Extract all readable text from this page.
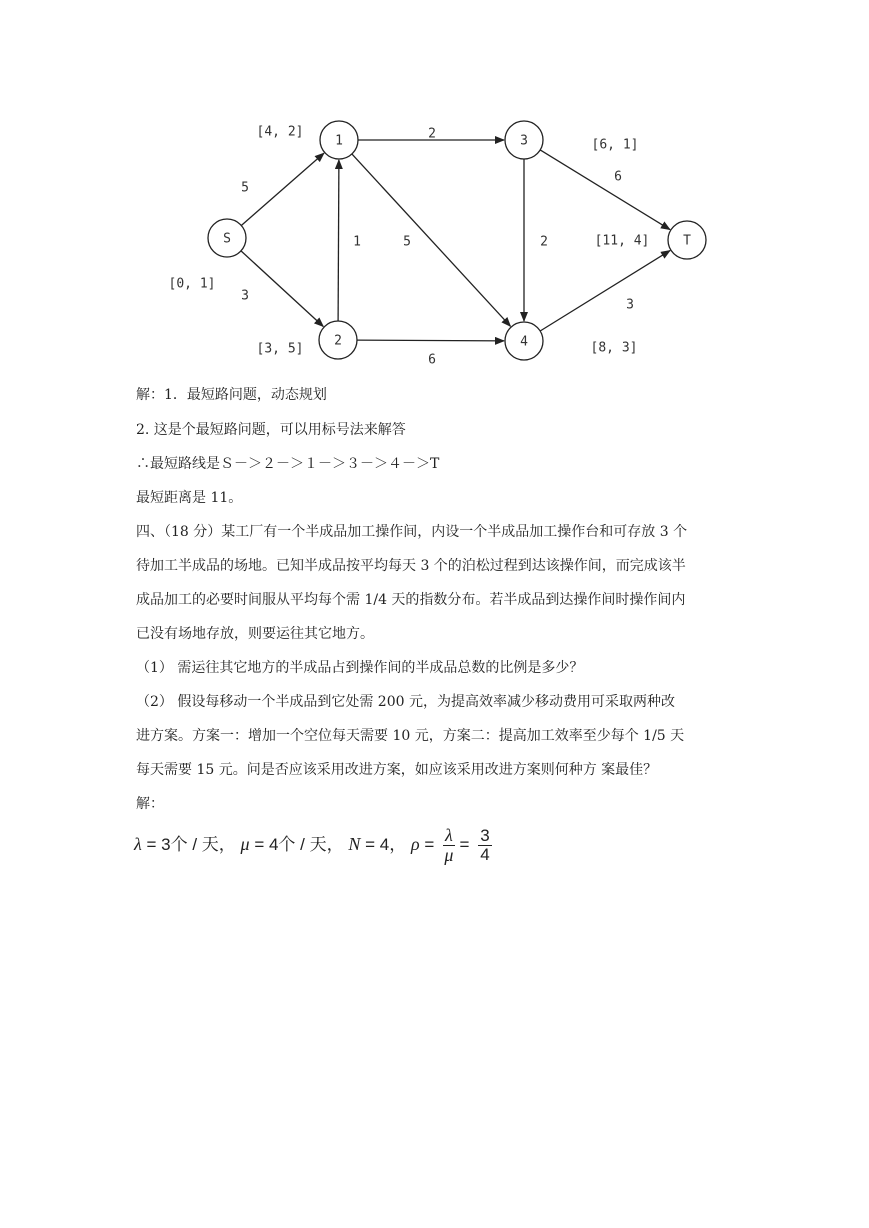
S
1
2
3
4
T
5
3
1
2
5
6
2
6
3
[0, 1]
[4, 2]
[3, 5]
[6, 1]
[8, 3]
[11, 4]
解：1．最短路问题，动态规划
2. 这是个最短路问题，可以用标号法来解答
∴最短路线是Ｓ－＞２－＞１－＞３－＞４－＞T
最短距离是 11。
四、（18 分）某工厂有一个半成品加工操作间，内设一个半成品加工操作台和可存放 3 个
待加工半成品的场地。已知半成品按平均每天 3 个的泊松过程到达该操作间，而完成该半
成品加工的必要时间服从平均每个需 1/4 天的指数分布。若半成品到达操作间时操作间内
已没有场地存放，则要运往其它地方。
（1） 需运往其它地方的半成品占到操作间的半成品总数的比例是多少？
（2） 假设每移动一个半成品到它处需 200 元，为提高效率减少移动费用可采取两种改
进方案。方案一：增加一个空位每天需要 10 元，方案二：提高加工效率至少每个 1/5 天
每天需要 15 元。问是否应该采用改进方案，如应该采用改进方案则何种方 案最佳？
解：
λ = 3个 / 天， μ = 4个 / 天， N = 4， $\rho = \frac{\lambda}{\mu} = \frac{3}{4}$
